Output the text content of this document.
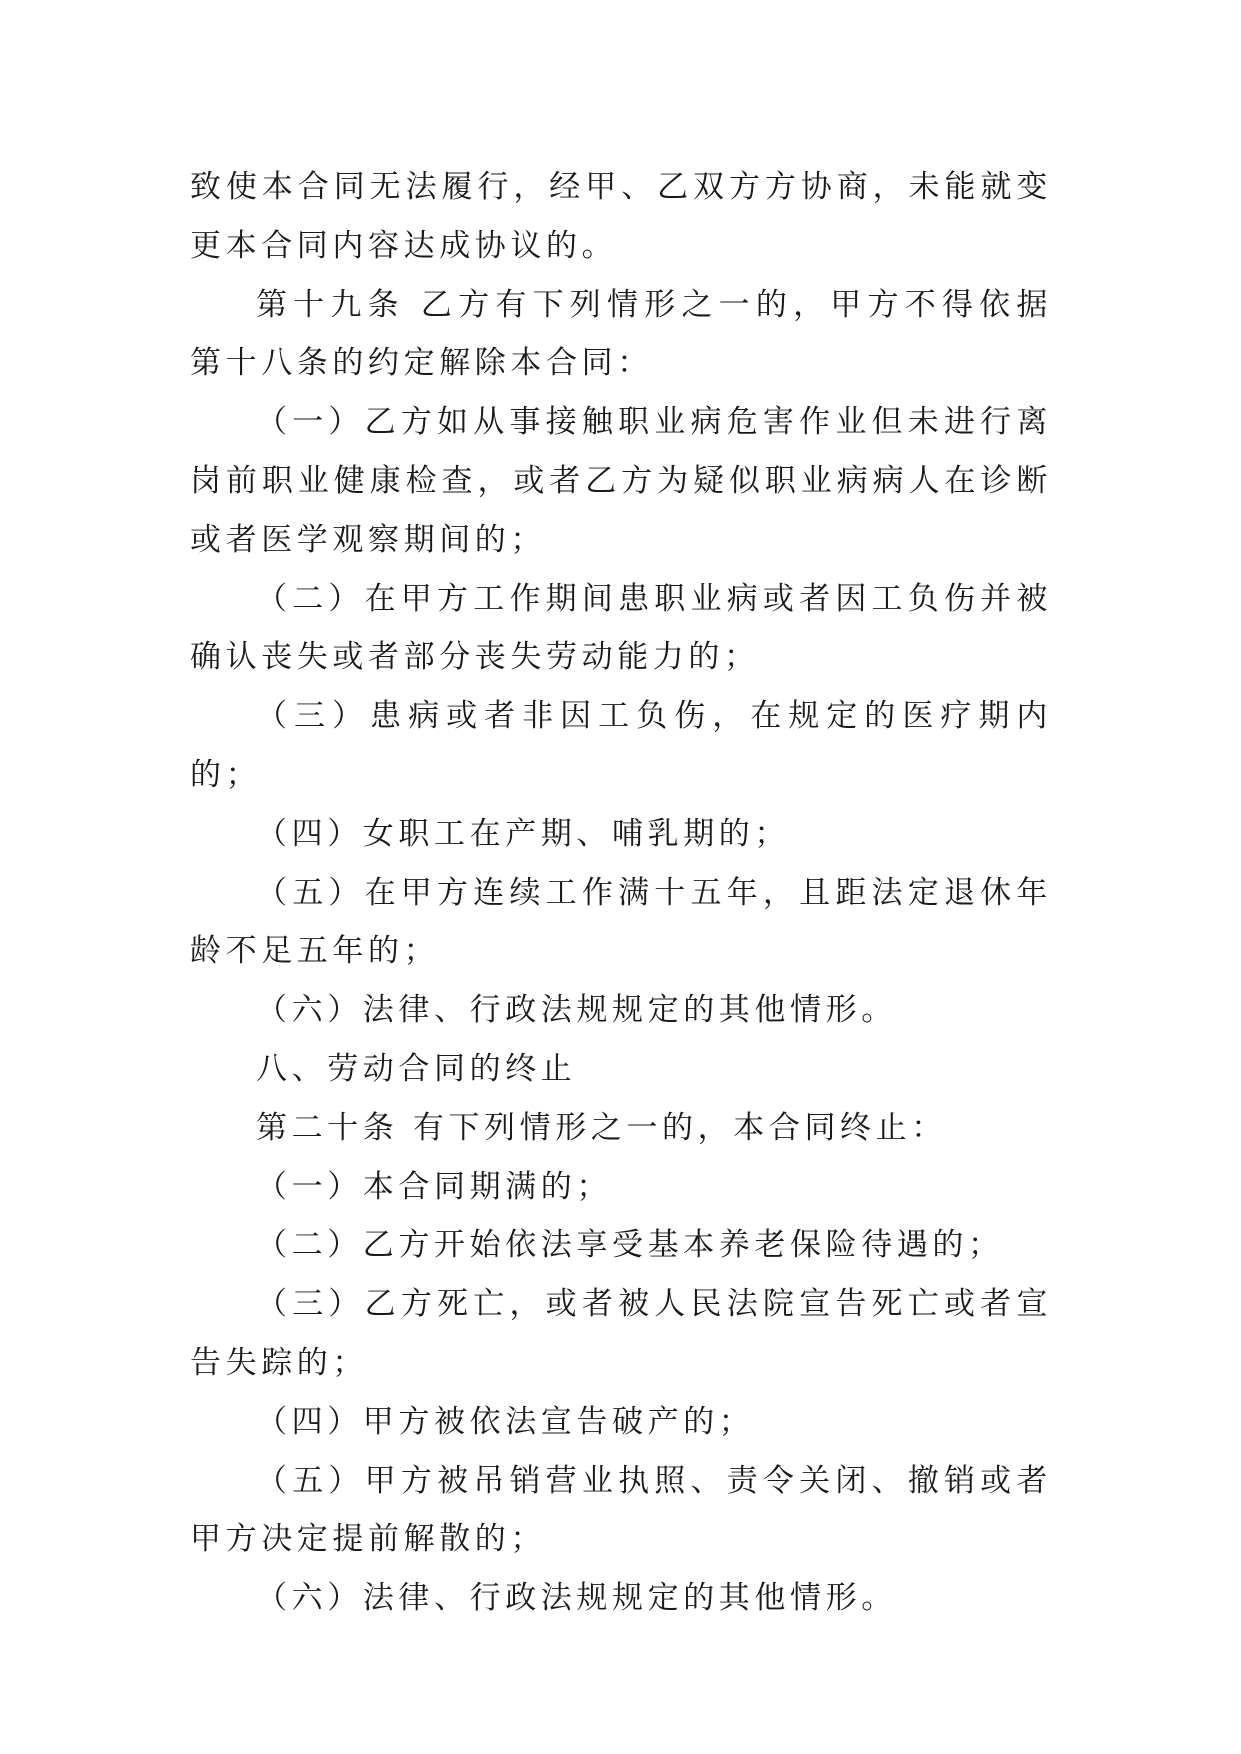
致使本合同无法履行，经甲、乙双方方协商，未能就变更本合同内容达成协议的。

第十九条 乙方有下列情形之一的，甲方不得依据第十八条的约定解除本合同：

（一）乙方如从事接触职业病危害作业但未进行离岗前职业健康检查，或者乙方为疑似职业病病人在诊断或者医学观察期间的；

（二）在甲方工作期间患职业病或者因工负伤并被确认丧失或者部分丧失劳动能力的；

（三）患病或者非因工负伤，在规定的医疗期内的；

（四）女职工在产期、哺乳期的；

（五）在甲方连续工作满十五年，且距法定退休年龄不足五年的；

（六）法律、行政法规规定的其他情形。

八、劳动合同的终止

第二十条 有下列情形之一的，本合同终止：

（一）本合同期满的；

（二）乙方开始依法享受基本养老保险待遇的；

（三）乙方死亡，或者被人民法院宣告死亡或者宣告失踪的；

（四）甲方被依法宣告破产的；

（五）甲方被吊销营业执照、责令关闭、撤销或者甲方决定提前解散的；

（六）法律、行政法规规定的其他情形。
